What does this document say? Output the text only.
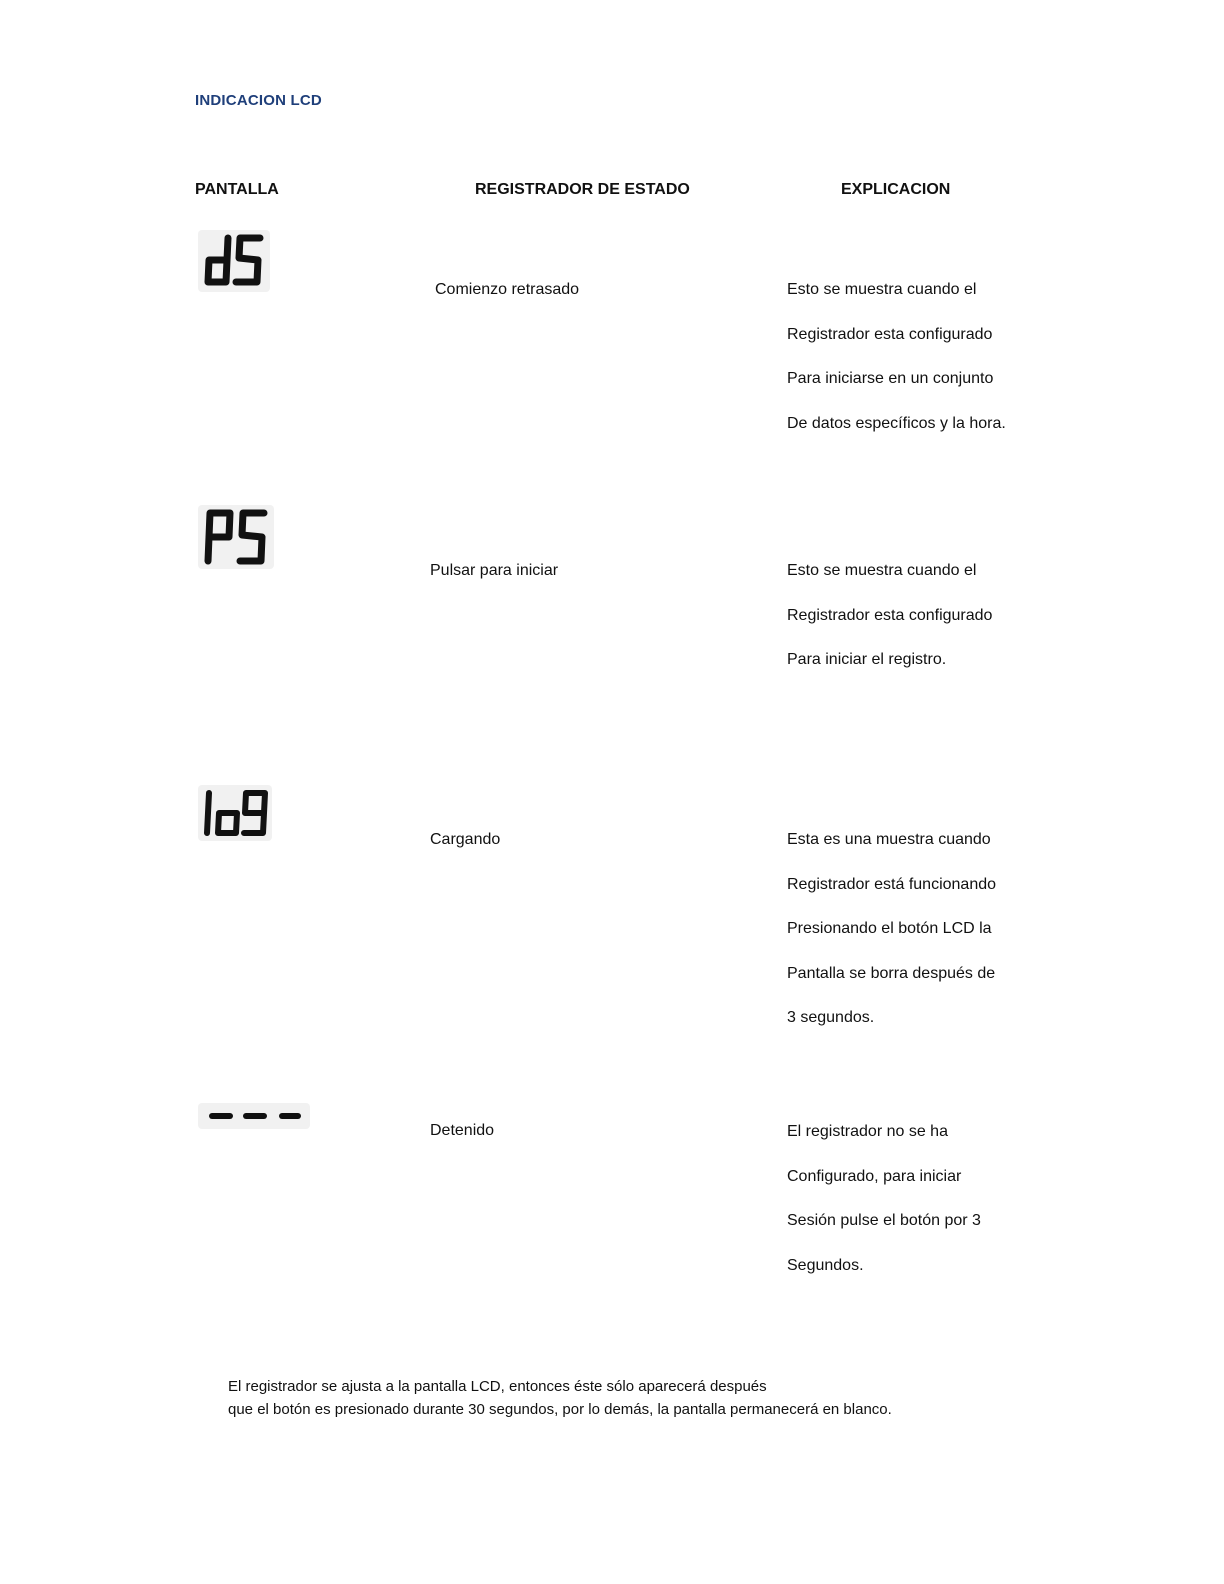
INDICACION LCD
PANTALLA	REGISTRADOR DE ESTADO	EXPLICACION
Comienzo retrasado	Esto se muestra cuando el
Registrador esta configurado
Para iniciarse en un conjunto
De datos específicos y la hora.
Pulsar para iniciar	Esto se muestra cuando el
Registrador esta configurado
Para iniciar el registro.
Cargando	Esta es una muestra cuando
Registrador está funcionando
Presionando el botón LCD la
Pantalla se borra después de
3 segundos.
Detenido	El registrador no se ha
Configurado, para iniciar
Sesión pulse el botón por 3
Segundos.
El registrador se ajusta a la pantalla LCD, entonces éste sólo aparecerá después
que el botón es presionado durante 30 segundos, por lo demás, la pantalla permanecerá en blanco.
